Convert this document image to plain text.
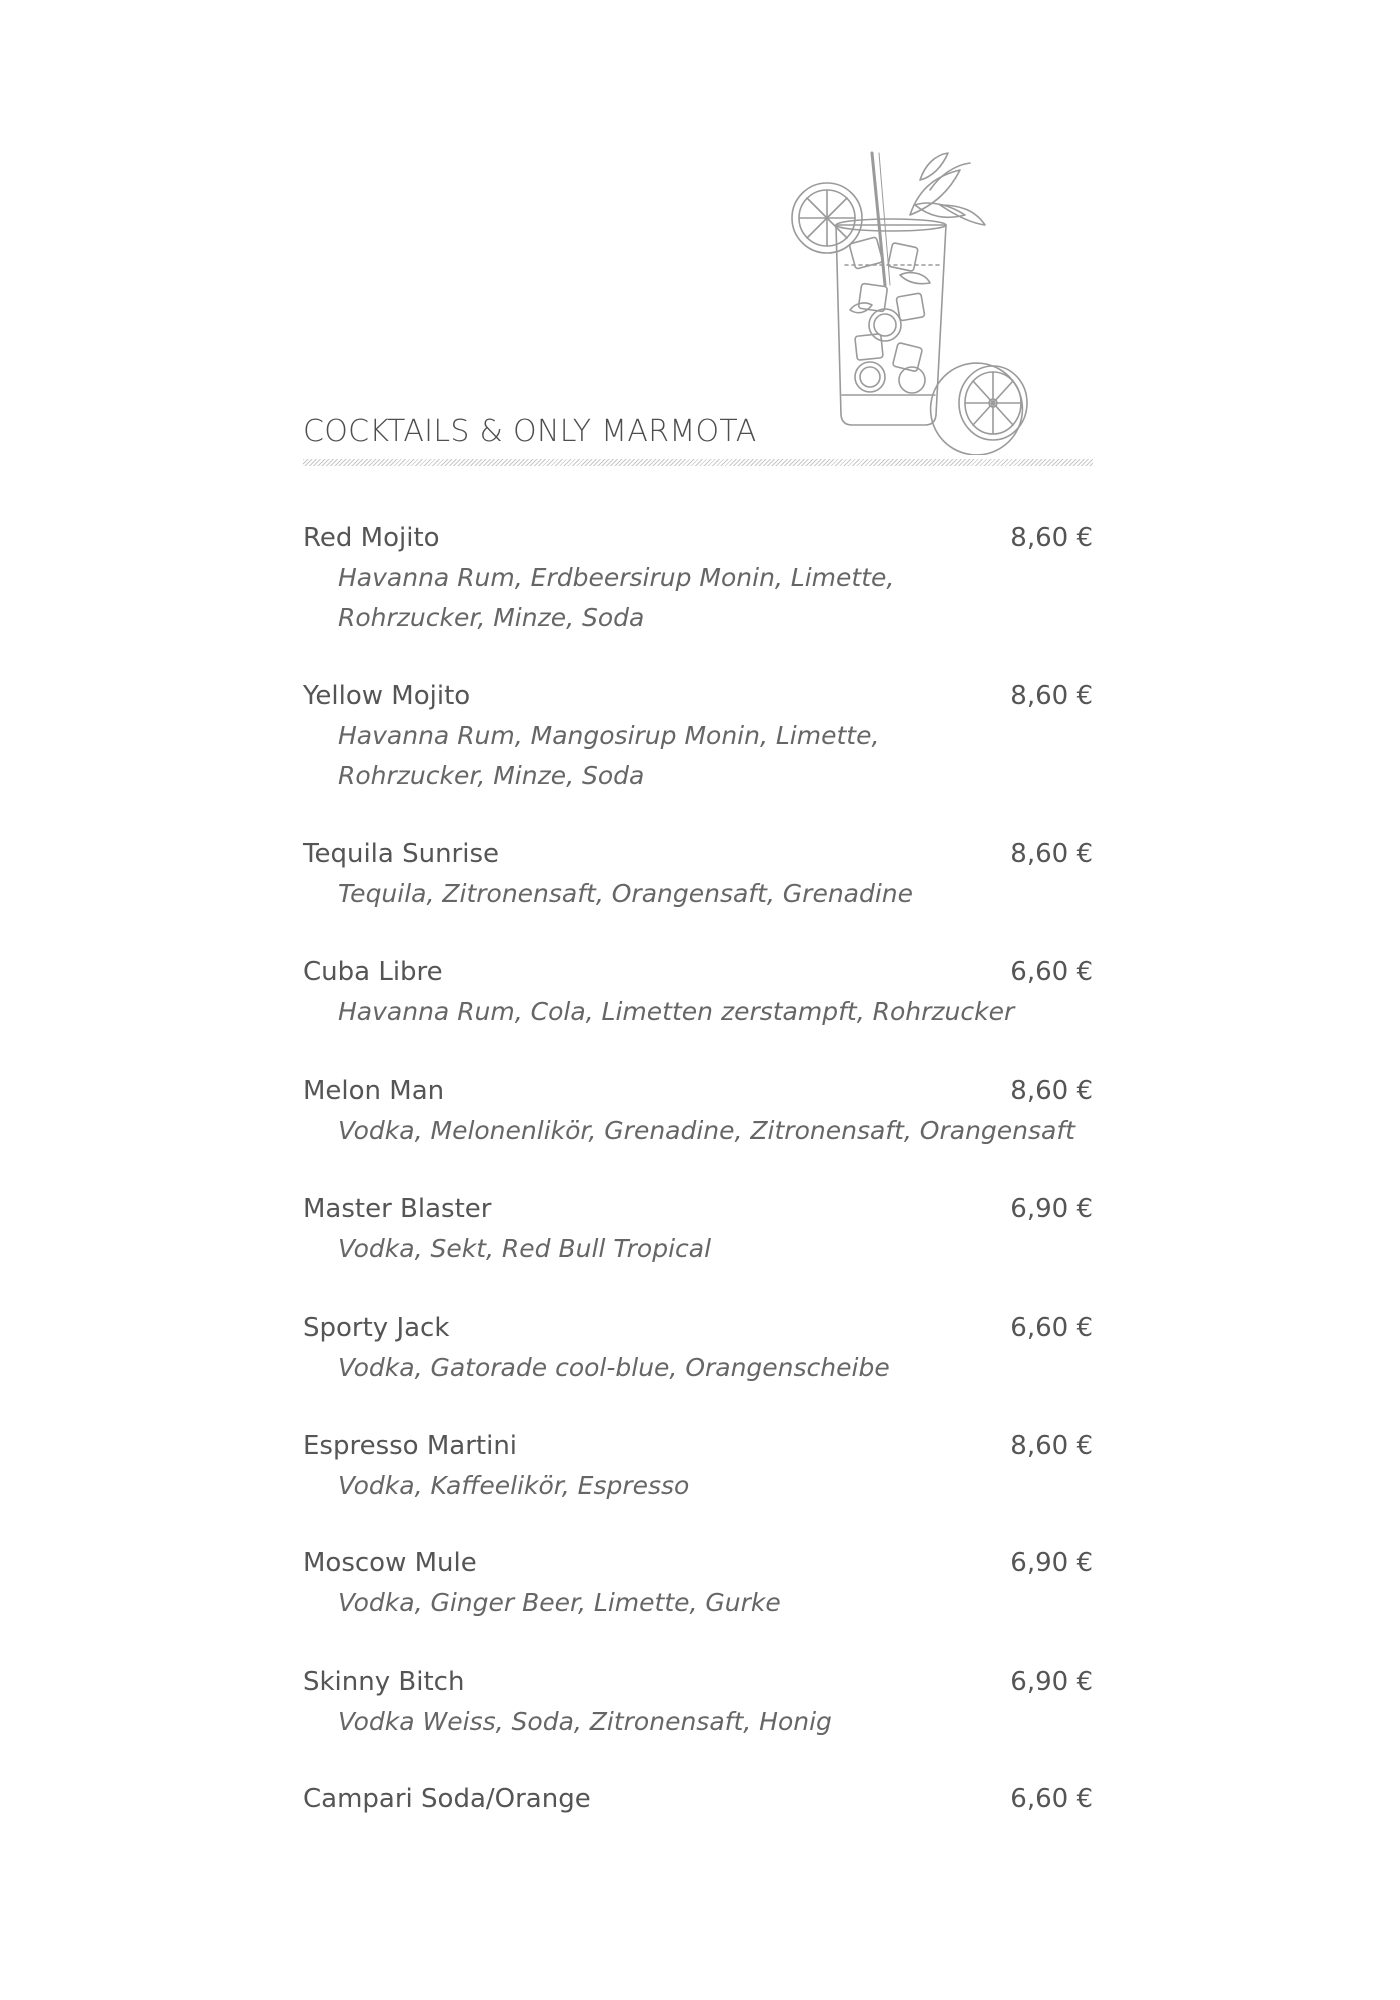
COCKTAILS & ONLY MARMOTA
Red Mojito	8,60 €
Havanna Rum, Erdbeersirup Monin, Limette,
Rohrzucker, Minze, Soda
Yellow Mojito	8,60 €
Havanna Rum, Mangosirup Monin, Limette,
Rohrzucker, Minze, Soda
Tequila Sunrise	8,60 €
Tequila, Zitronensaft, Orangensaft, Grenadine
Cuba Libre	6,60 €
Havanna Rum, Cola, Limetten zerstampft, Rohrzucker
Melon Man	8,60 €
Vodka, Melonenlikör, Grenadine, Zitronensaft, Orangensaft
Master Blaster	6,90 €
Vodka, Sekt, Red Bull Tropical
Sporty Jack	6,60 €
Vodka, Gatorade cool-blue, Orangenscheibe
Espresso Martini	8,60 €
Vodka, Kaffeelikör, Espresso
Moscow Mule	6,90 €
Vodka, Ginger Beer, Limette, Gurke
Skinny Bitch	6,90 €
Vodka Weiss, Soda, Zitronensaft, Honig
Campari Soda/Orange	6,60 €
